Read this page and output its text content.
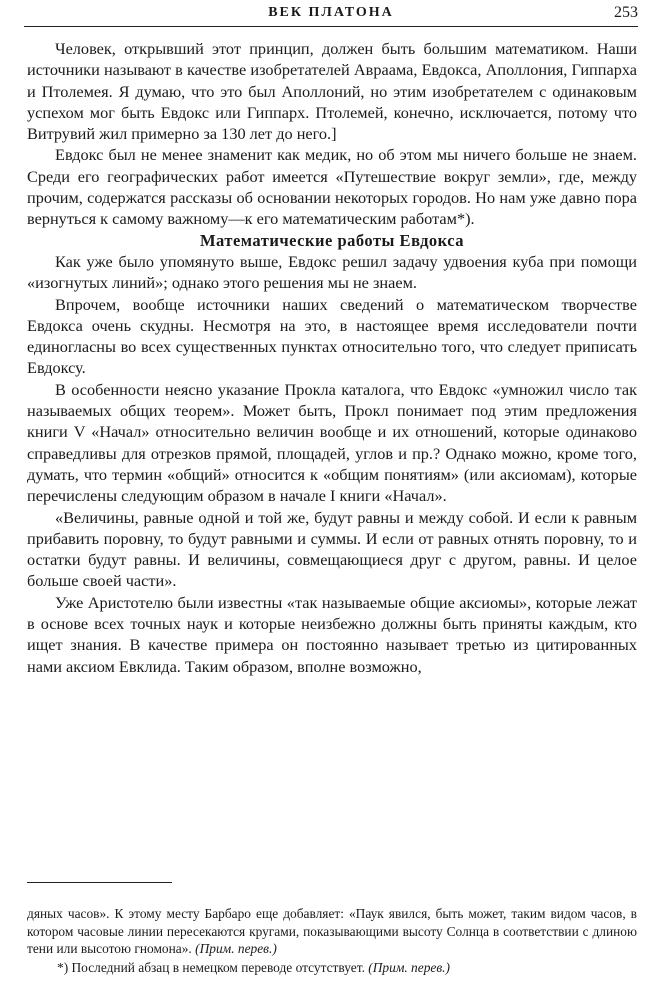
ВЕК ПЛАТОНА	253

Человек, открывший этот принцип, должен быть большим математиком. Наши источники называют в качестве изобретателей Авраама, Евдокса, Аполлония, Гиппарха и Птолемея. Я думаю, что это был Аполлоний, но этим изобретателем с одинаковым успехом мог быть Евдокс или Гиппарх. Птолемей, конечно, исключается, потому что Витрувий жил примерно за 130 лет до него.]

Евдокс был не менее знаменит как медик, но об этом мы ничего больше не знаем. Среди его географических работ имеется «Путешествие вокруг земли», где, между прочим, содержатся рассказы об основании некоторых городов. Но нам уже давно пора вернуться к самому важному—к его математическим работам*).

Математические работы Евдокса

Как уже было упомянуто выше, Евдокс решил задачу удвоения куба при помощи «изогнутых линий»; однако этого решения мы не знаем.

Впрочем, вообще источники наших сведений о математическом творчестве Евдокса очень скудны. Несмотря на это, в настоящее время исследователи почти единогласны во всех существенных пунктах относительно того, что следует приписать Евдоксу.

В особенности неясно указание Прокла каталога, что Евдокс «умножил число так называемых общих теорем». Может быть, Прокл понимает под этим предложения книги V «Начал» относительно величин вообще и их отношений, которые одинаково справедливы для отрезков прямой, площадей, углов и пр.? Однако можно, кроме того, думать, что термин «общий» относится к «общим понятиям» (или аксиомам), которые перечислены следующим образом в начале I книги «Начал».

«Величины, равные одной и той же, будут равны и между собой. И если к равным прибавить поровну, то будут равными и суммы. И если от равных отнять поровну, то и остатки будут равны. И величины, совмещающиеся друг с другом, равны. И целое больше своей части».

Уже Аристотелю были известны «так называемые общие аксиомы», которые лежат в основе всех точных наук и которые неизбежно должны быть приняты каждым, кто ищет знания. В качестве примера он постоянно называет третью из цитированных нами аксиом Евклида. Таким образом, вполне возможно,

дяных часов». К этому месту Барбаро еще добавляет: «Паук явился, быть может, таким видом часов, в котором часовые линии пересекаются кругами, показывающими высоту Солнца в соответствии с длиною тени или высотою гномона». (Прим. перев.)

*) Последний абзац в немецком переводе отсутствует. (Прим. перев.)
